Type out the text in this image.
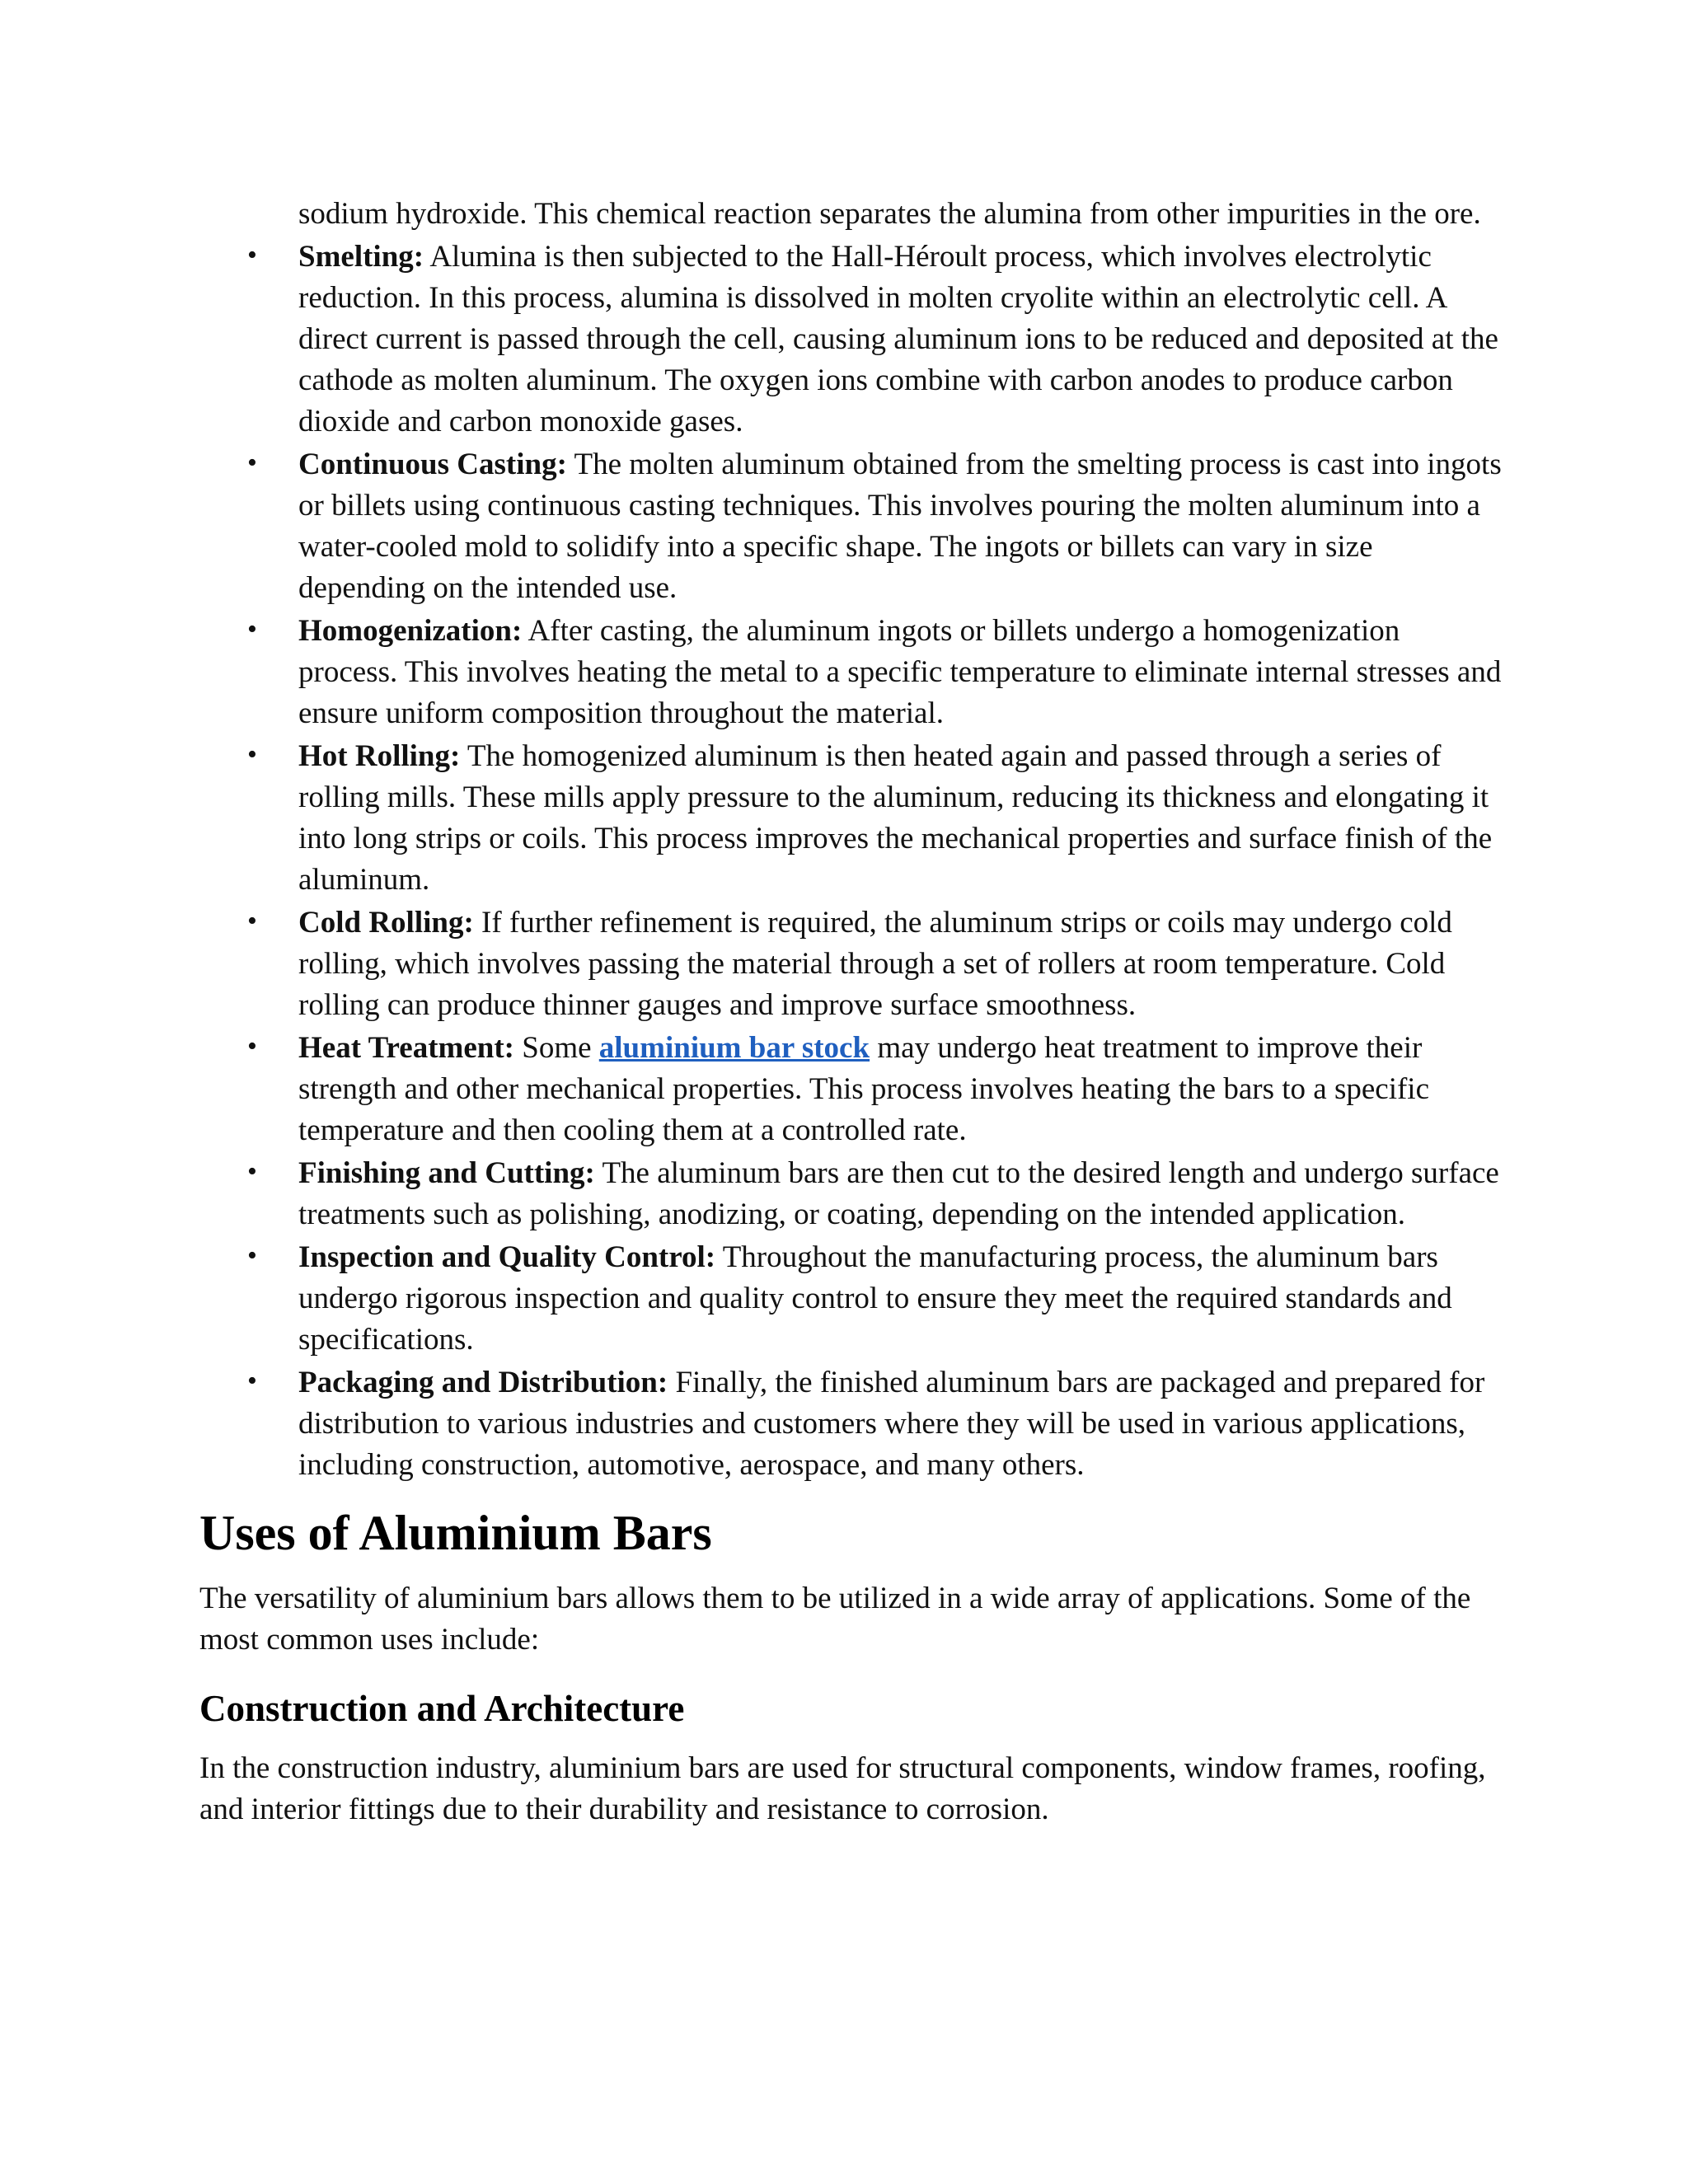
sodium hydroxide. This chemical reaction separates the alumina from other impurities in the ore.

• Smelting: Alumina is then subjected to the Hall-Héroult process, which involves electrolytic reduction. In this process, alumina is dissolved in molten cryolite within an electrolytic cell. A direct current is passed through the cell, causing aluminum ions to be reduced and deposited at the cathode as molten aluminum. The oxygen ions combine with carbon anodes to produce carbon dioxide and carbon monoxide gases.
• Continuous Casting: The molten aluminum obtained from the smelting process is cast into ingots or billets using continuous casting techniques. This involves pouring the molten aluminum into a water-cooled mold to solidify into a specific shape. The ingots or billets can vary in size depending on the intended use.
• Homogenization: After casting, the aluminum ingots or billets undergo a homogenization process. This involves heating the metal to a specific temperature to eliminate internal stresses and ensure uniform composition throughout the material.
• Hot Rolling: The homogenized aluminum is then heated again and passed through a series of rolling mills. These mills apply pressure to the aluminum, reducing its thickness and elongating it into long strips or coils. This process improves the mechanical properties and surface finish of the aluminum.
• Cold Rolling: If further refinement is required, the aluminum strips or coils may undergo cold rolling, which involves passing the material through a set of rollers at room temperature. Cold rolling can produce thinner gauges and improve surface smoothness.
• Heat Treatment: Some aluminium bar stock may undergo heat treatment to improve their strength and other mechanical properties. This process involves heating the bars to a specific temperature and then cooling them at a controlled rate.
• Finishing and Cutting: The aluminum bars are then cut to the desired length and undergo surface treatments such as polishing, anodizing, or coating, depending on the intended application.
• Inspection and Quality Control: Throughout the manufacturing process, the aluminum bars undergo rigorous inspection and quality control to ensure they meet the required standards and specifications.
• Packaging and Distribution: Finally, the finished aluminum bars are packaged and prepared for distribution to various industries and customers where they will be used in various applications, including construction, automotive, aerospace, and many others.
Uses of Aluminium Bars

The versatility of aluminium bars allows them to be utilized in a wide array of applications. Some of the most common uses include:

Construction and Architecture

In the construction industry, aluminium bars are used for structural components, window frames, roofing, and interior fittings due to their durability and resistance to corrosion.
